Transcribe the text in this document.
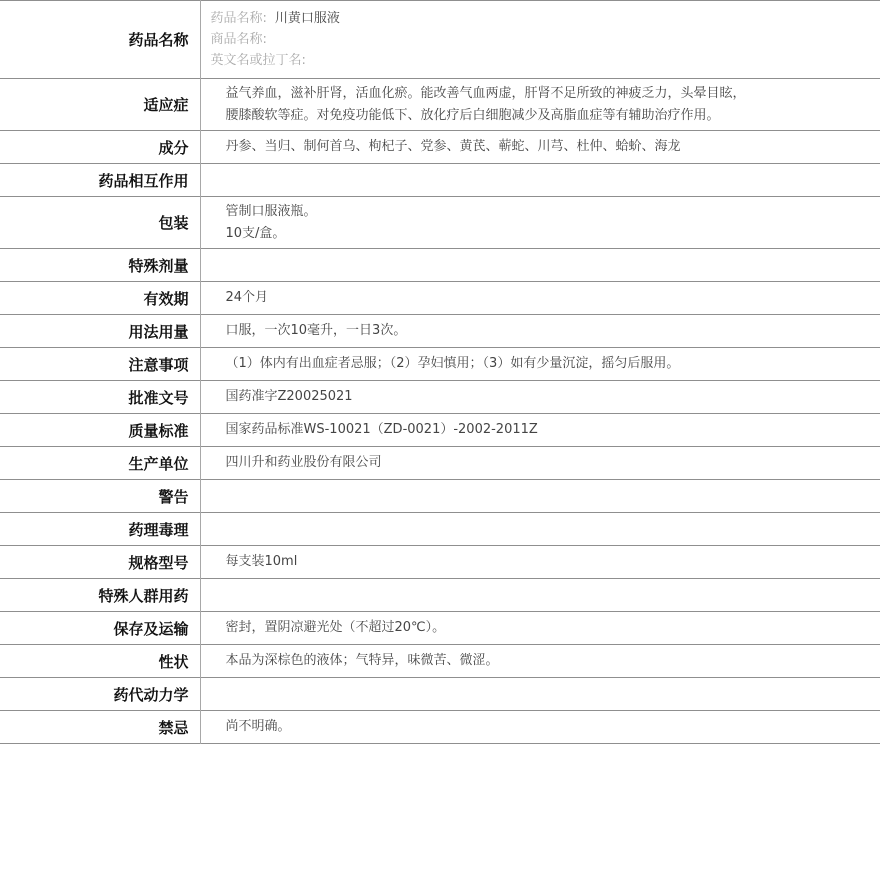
药品名称	药品名称: 川黄口服液
商品名称:
英文名或拉丁名:

适应症	益气养血，滋补肝肾，活血化瘀。能改善气血两虚，肝肾不足所致的神疲乏力，头晕目眩，
腰膝酸软等症。对免疫功能低下、放化疗后白细胞减少及高脂血症等有辅助治疗作用。

成分	丹参、当归、制何首乌、枸杞子、党参、黄芪、蕲蛇、川芎、杜仲、蛤蚧、海龙

药品相互作用	
包装	管制口服液瓶。
10支/盒。

特殊剂量	
有效期	24个月

用法用量	口服，一次10毫升，一日3次。

注意事项	（1）体内有出血症者忌服；（2）孕妇慎用；（3）如有少量沉淀，摇匀后服用。

批准文号	国药准字Z20025021

质量标准	国家药品标准WS-10021（ZD-0021）-2002-2011Z

生产单位	四川升和药业股份有限公司

警告	
药理毒理	
规格型号	每支装10ml

特殊人群用药	
保存及运输	密封，置阴凉避光处（不超过20℃）。

性状	本品为深棕色的液体；气特异，味微苦、微涩。

药代动力学	
禁忌	尚不明确。
